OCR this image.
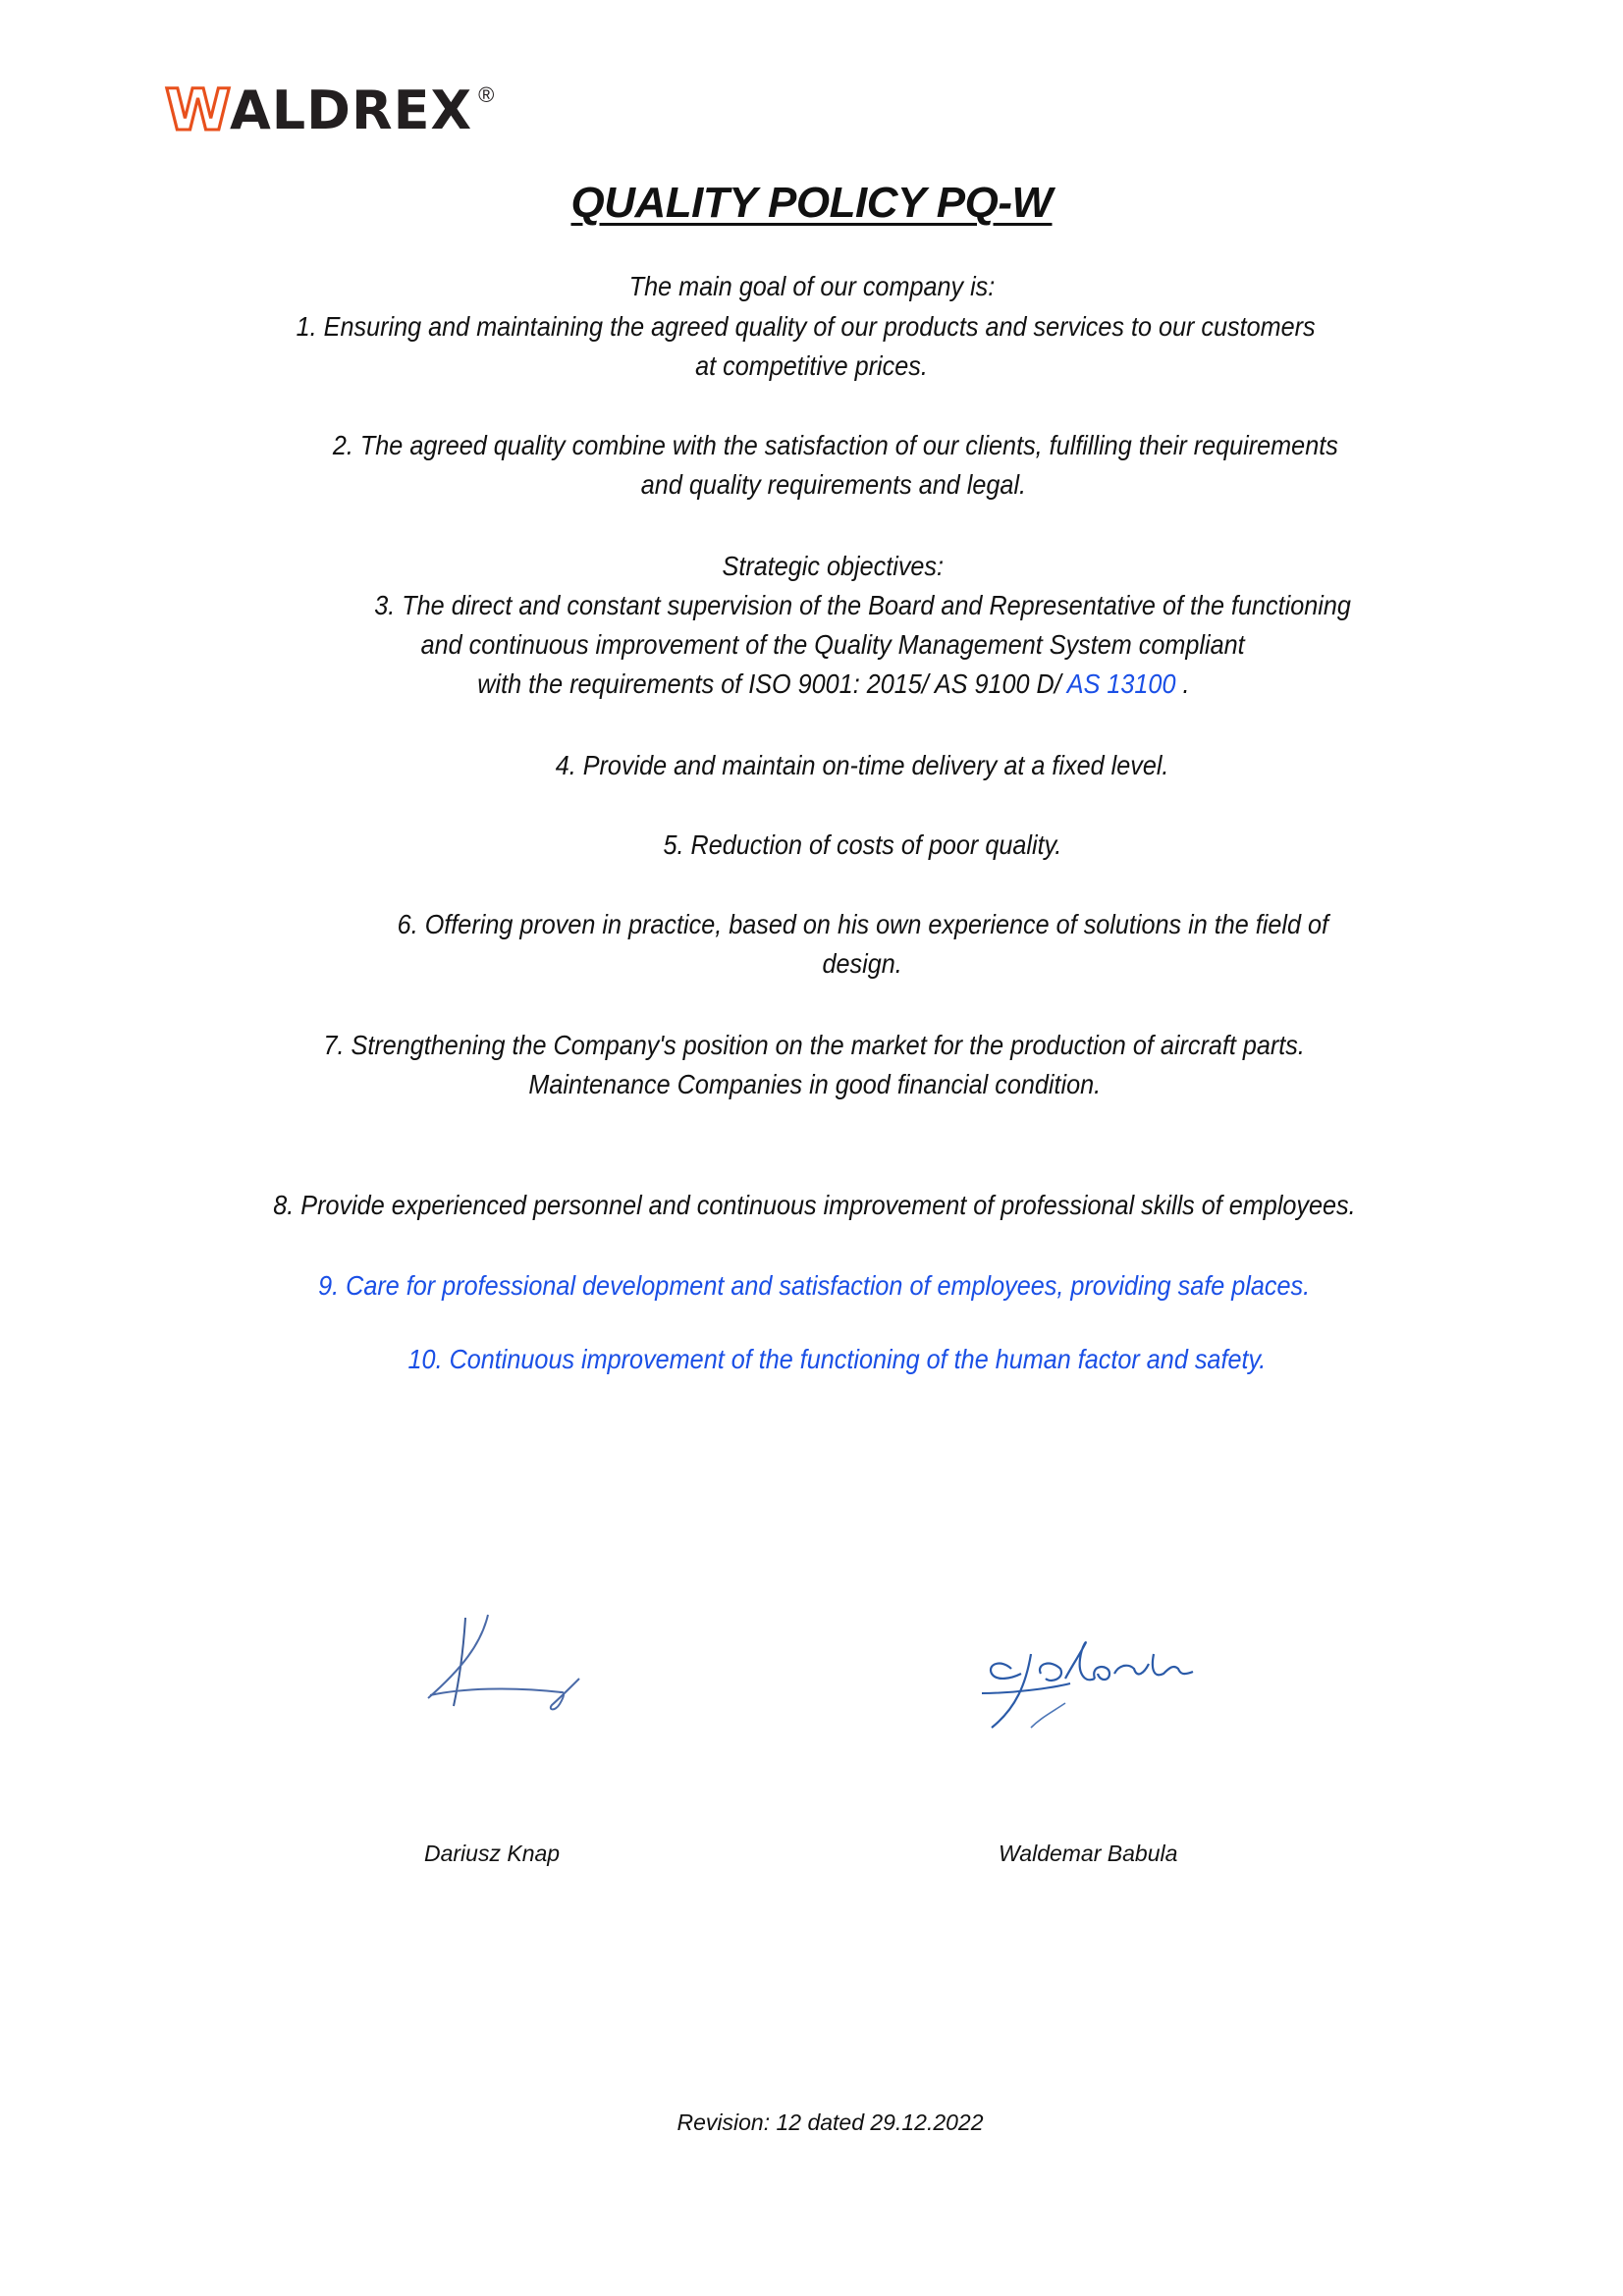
W ALDREX ®
QUALITY POLICY PQ-W
The main goal of our company is:
1. Ensuring and maintaining the agreed quality of our products and services to our customers
at competitive prices.
2. The agreed quality combine with the satisfaction of our clients, fulfilling their requirements
and quality requirements and legal.
Strategic objectives:
3. The direct and constant supervision of the Board and Representative of the functioning
and continuous improvement of the Quality Management System compliant
with the requirements of ISO 9001: 2015/ AS 9100 D/ AS 13100 .
4. Provide and maintain on-time delivery at a fixed level.
5. Reduction of costs of poor quality.
6. Offering proven in practice, based on his own experience of solutions in the field of
design.
7. Strengthening the Company's position on the market for the production of aircraft parts.
Maintenance Companies in good financial condition.
8. Provide experienced personnel and continuous improvement of professional skills of employees.
9. Care for professional development and satisfaction of employees, providing safe places.
10. Continuous improvement of the functioning of the human factor and safety.
Dariusz Knap	Waldemar Babula
Revision: 12 dated 29.12.2022
